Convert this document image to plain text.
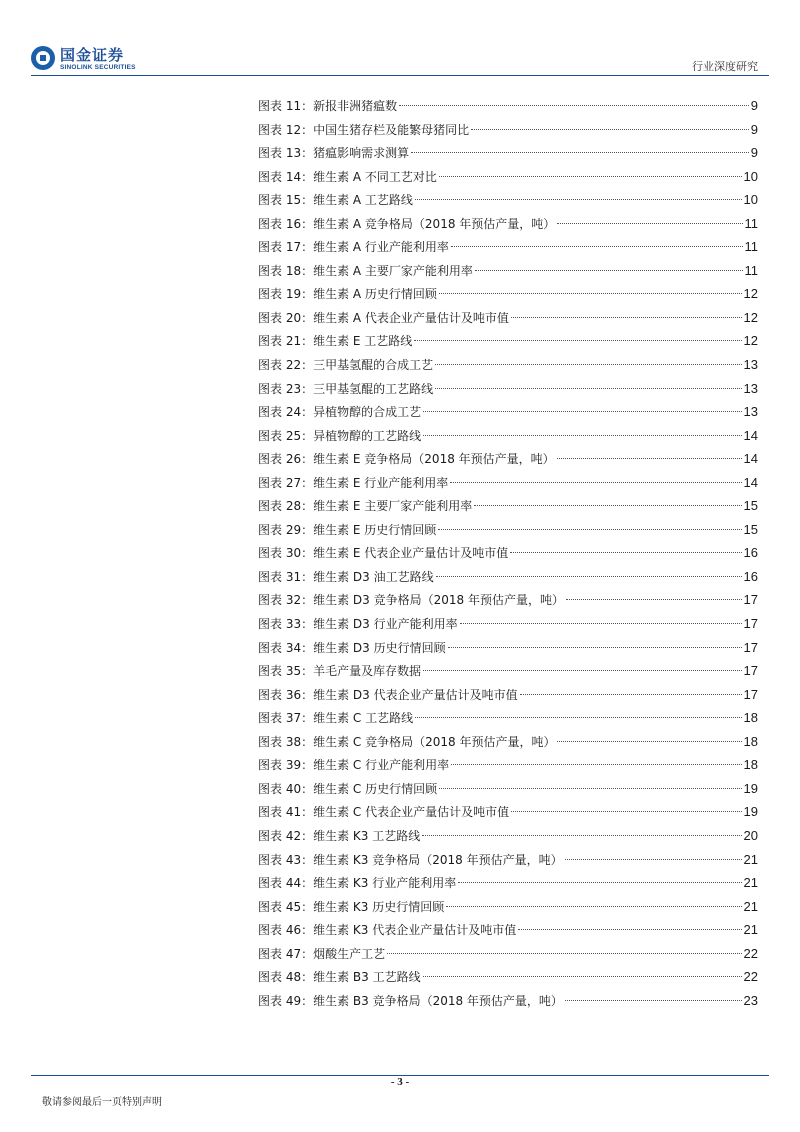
国金证券
SINOLINK SECURITIES	行业深度研究
图表 11：新报非洲猪瘟数	9
图表 12：中国生猪存栏及能繁母猪同比	9
图表 13：猪瘟影响需求测算	9
图表 14：维生素 A 不同工艺对比	10
图表 15：维生素 A 工艺路线	10
图表 16：维生素 A 竞争格局（2018 年预估产量，吨）	11
图表 17：维生素 A 行业产能利用率	11
图表 18：维生素 A 主要厂家产能利用率	11
图表 19：维生素 A 历史行情回顾	12
图表 20：维生素 A 代表企业产量估计及吨市值	12
图表 21：维生素 E 工艺路线	12
图表 22：三甲基氢醌的合成工艺	13
图表 23：三甲基氢醌的工艺路线	13
图表 24：异植物醇的合成工艺	13
图表 25：异植物醇的工艺路线	14
图表 26：维生素 E 竞争格局（2018 年预估产量，吨）	14
图表 27：维生素 E 行业产能利用率	14
图表 28：维生素 E 主要厂家产能利用率	15
图表 29：维生素 E 历史行情回顾	15
图表 30：维生素 E 代表企业产量估计及吨市值	16
图表 31：维生素 D3 油工艺路线	16
图表 32：维生素 D3 竞争格局（2018 年预估产量，吨）	17
图表 33：维生素 D3 行业产能利用率	17
图表 34：维生素 D3 历史行情回顾	17
图表 35：羊毛产量及库存数据	17
图表 36：维生素 D3 代表企业产量估计及吨市值	17
图表 37：维生素 C 工艺路线	18
图表 38：维生素 C 竞争格局（2018 年预估产量，吨）	18
图表 39：维生素 C 行业产能利用率	18
图表 40：维生素 C 历史行情回顾	19
图表 41：维生素 C 代表企业产量估计及吨市值	19
图表 42：维生素 K3 工艺路线	20
图表 43：维生素 K3 竞争格局（2018 年预估产量，吨）	21
图表 44：维生素 K3 行业产能利用率	21
图表 45：维生素 K3 历史行情回顾	21
图表 46：维生素 K3 代表企业产量估计及吨市值	21
图表 47：烟酸生产工艺	22
图表 48：维生素 B3 工艺路线	22
图表 49：维生素 B3 竞争格局（2018 年预估产量，吨）	23
- 3 -
敬请参阅最后一页特别声明
